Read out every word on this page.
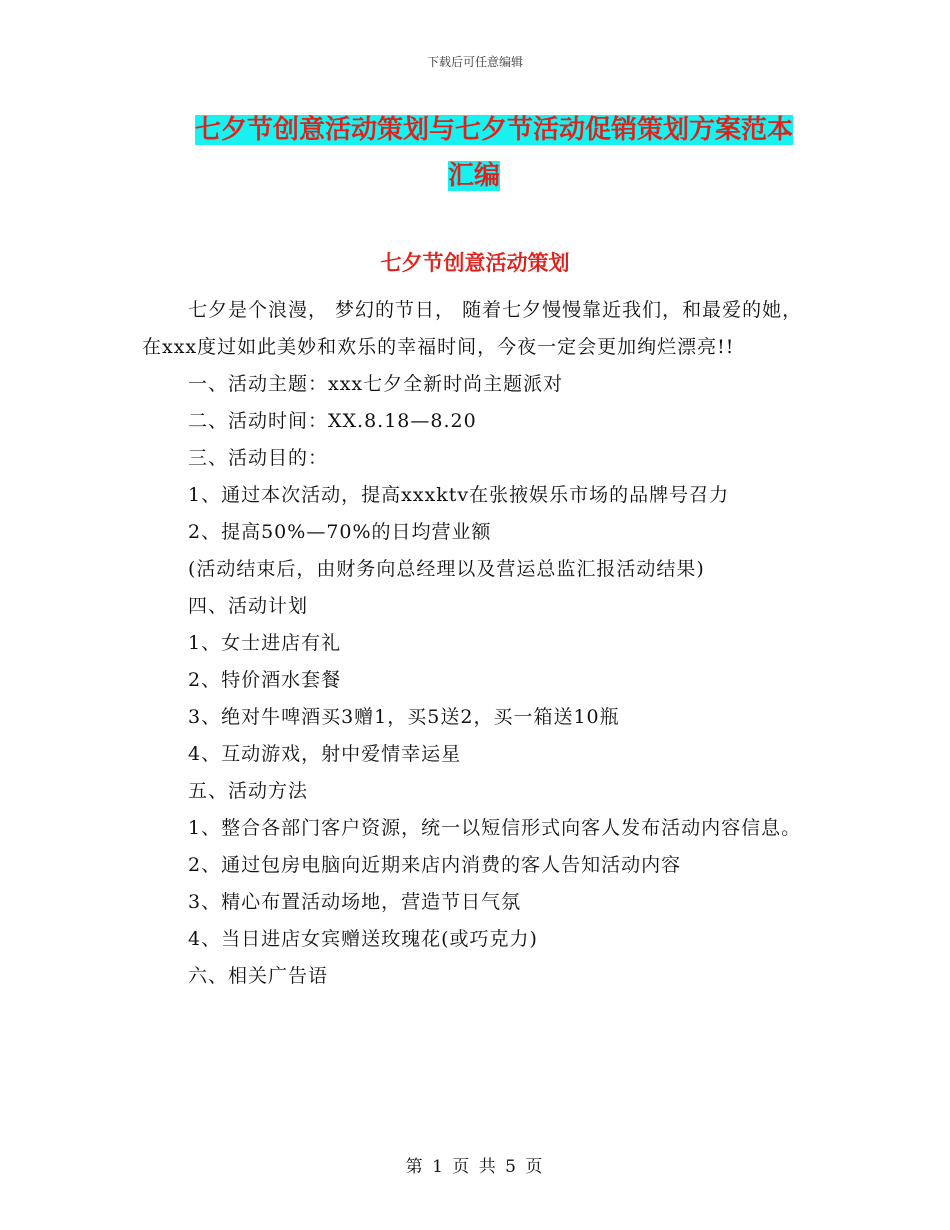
下载后可任意编辑
七夕节创意活动策划与七夕节活动促销策划方案范本
汇编
七夕节创意活动策划

七夕是个浪漫， 梦幻的节日， 随着七夕慢慢靠近我们，和最爱的她，在xxx度过如此美妙和欢乐的幸福时间，今夜一定会更加绚烂漂亮!!

一、活动主题：xxx七夕全新时尚主题派对

二、活动时间：XX.8.18—8.20

三、活动目的：

1、通过本次活动，提高xxxktv在张掖娱乐市场的品牌号召力

2、提高50%—70%的日均营业额

(活动结束后，由财务向总经理以及营运总监汇报活动结果)

四、活动计划

1、女士进店有礼

2、特价酒水套餐

3、绝对牛啤酒买3赠1，买5送2，买一箱送10瓶

4、互动游戏，射中爱情幸运星

五、活动方法

1、整合各部门客户资源，统一以短信形式向客人发布活动内容信息。

2、通过包房电脑向近期来店内消费的客人告知活动内容

3、精心布置活动场地，营造节日气氛

4、当日进店女宾赠送玫瑰花(或巧克力)

六、相关广告语

第 1 页 共 5 页
